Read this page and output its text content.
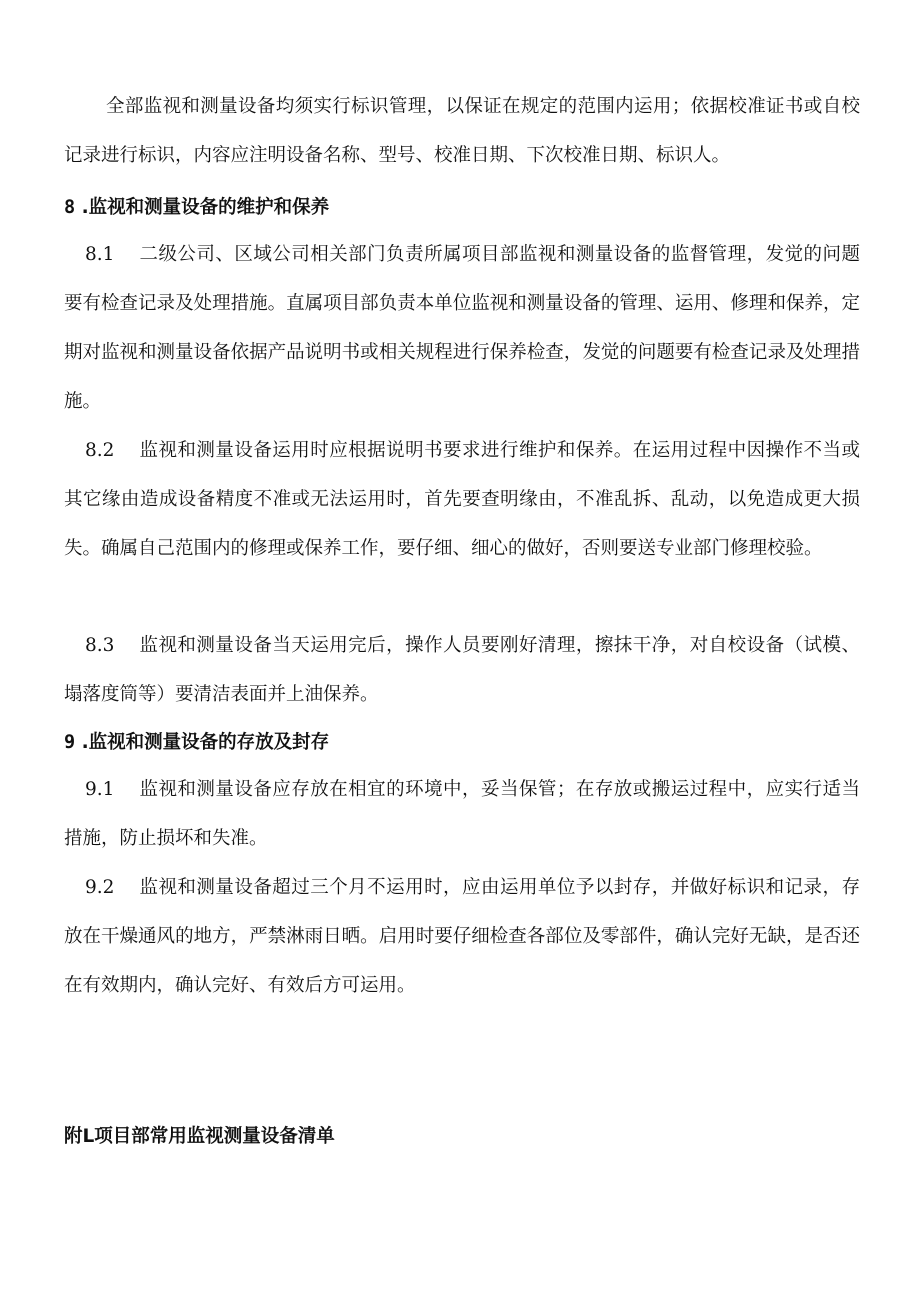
全部监视和测量设备均须实行标识管理，以保证在规定的范围内运用；依据校准证书或自校记录进行标识，内容应注明设备名称、型号、校准日期、下次校准日期、标识人。

8 .监视和测量设备的维护和保养

8.1 二级公司、区域公司相关部门负责所属项目部监视和测量设备的监督管理，发觉的问题要有检查记录及处理措施。直属项目部负责本单位监视和测量设备的管理、运用、修理和保养，定期对监视和测量设备依据产品说明书或相关规程进行保养检查，发觉的问题要有检查记录及处理措施。

8.2 监视和测量设备运用时应根据说明书要求进行维护和保养。在运用过程中因操作不当或其它缘由造成设备精度不准或无法运用时，首先要查明缘由，不准乱拆、乱动，以免造成更大损失。确属自己范围内的修理或保养工作，要仔细、细心的做好，否则要送专业部门修理校验。

8.3 监视和测量设备当天运用完后，操作人员要刚好清理，擦抹干净，对自校设备（试模、塌落度筒等）要清洁表面并上油保养。

9 .监视和测量设备的存放及封存

9.1 监视和测量设备应存放在相宜的环境中，妥当保管；在存放或搬运过程中，应实行适当措施，防止损坏和失准。

9.2 监视和测量设备超过三个月不运用时，应由运用单位予以封存，并做好标识和记录，存放在干燥通风的地方，严禁淋雨日晒。启用时要仔细检查各部位及零部件，确认完好无缺，是否还在有效期内，确认完好、有效后方可运用。

附L项目部常用监视测量设备清单
